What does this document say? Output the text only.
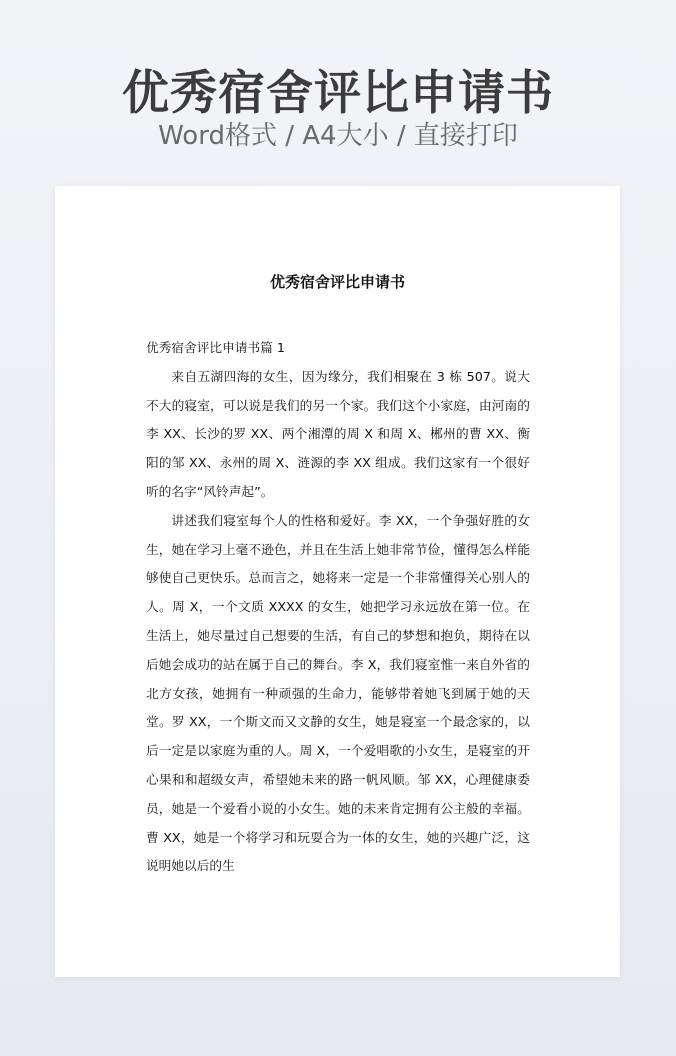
优秀宿舍评比申请书
Word格式 / A4大小 / 直接打印
优秀宿舍评比申请书

优秀宿舍评比申请书篇 1

来自五湖四海的女生，因为缘分，我们相聚在 3 栋 507。说大不大的寝室，可以说是我们的另一个家。我们这个小家庭，由河南的李 XX、长沙的罗 XX、两个湘潭的周 X 和周 X、郴州的曹 XX、衡阳的邹 XX、永州的周 X、涟源的李 XX 组成。我们这家有一个很好听的名字“风铃声起”。

讲述我们寝室每个人的性格和爱好。李 XX，一个争强好胜的女生，她在学习上毫不逊色，并且在生活上她非常节俭，懂得怎么样能够使自己更快乐。总而言之，她将来一定是一个非常懂得关心别人的人。周 X，一个文质 XXXX 的女生，她把学习永远放在第一位。在生活上，她尽量过自己想要的生活，有自己的梦想和抱负，期待在以后她会成功的站在属于自己的舞台。李 X，我们寝室惟一来自外省的北方女孩，她拥有一种顽强的生命力，能够带着她飞到属于她的天堂。罗 XX，一个斯文而又文静的女生，她是寝室一个最念家的，以后一定是以家庭为重的人。周 X，一个爱唱歌的小女生，是寝室的开心果和和超级女声，希望她未来的路一帆风顺。邹 XX，心理健康委员，她是一个爱看小说的小女生。她的未来肯定拥有公主般的幸福。曹 XX，她是一个将学习和玩耍合为一体的女生，她的兴趣广泛，这说明她以后的生
